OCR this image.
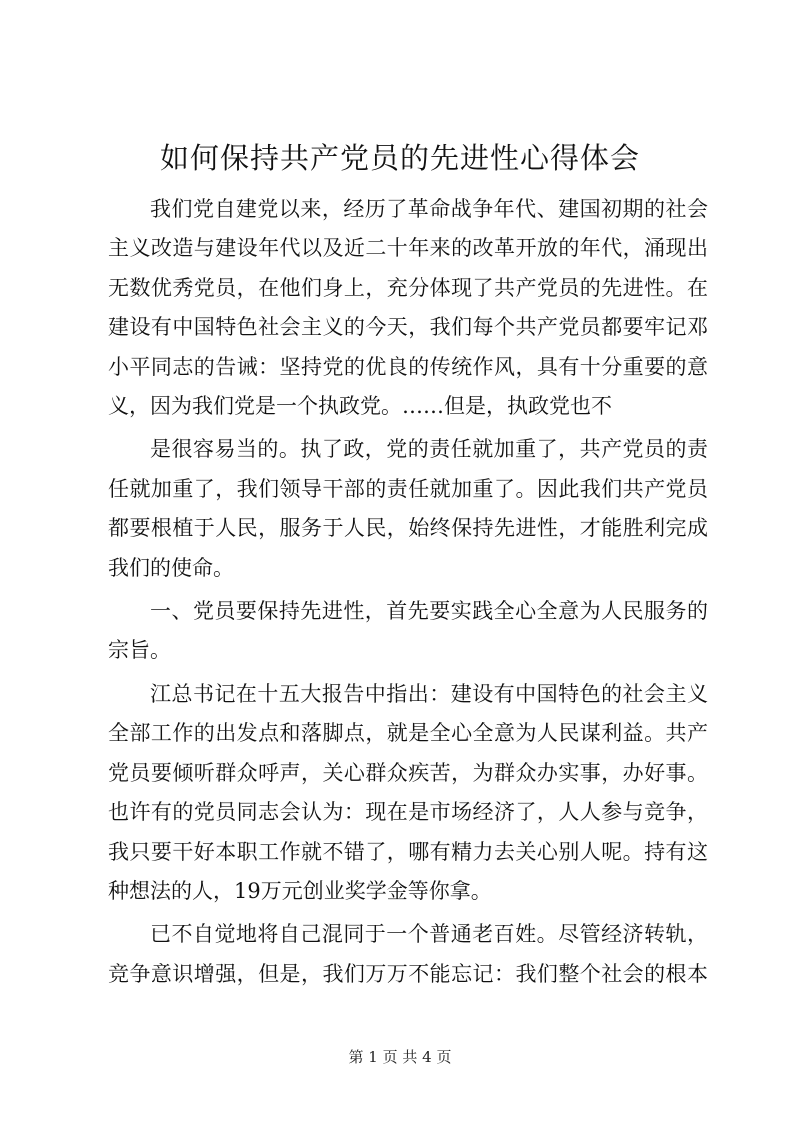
如何保持共产党员的先进性心得体会
我们党自建党以来，经历了革命战争年代、建国初期的社会
主义改造与建设年代以及近二十年来的改革开放的年代，涌现出
无数优秀党员，在他们身上，充分体现了共产党员的先进性。在
建设有中国特色社会主义的今天，我们每个共产党员都要牢记邓
小平同志的告诫：坚持党的优良的传统作风，具有十分重要的意
义，因为我们党是一个执政党。……但是，执政党也不
是很容易当的。执了政，党的责任就加重了，共产党员的责
任就加重了，我们领导干部的责任就加重了。因此我们共产党员
都要根植于人民，服务于人民，始终保持先进性，才能胜利完成
我们的使命。
一、党员要保持先进性，首先要实践全心全意为人民服务的
宗旨。
江总书记在十五大报告中指出：建设有中国特色的社会主义
全部工作的出发点和落脚点，就是全心全意为人民谋利益。共产
党员要倾听群众呼声，关心群众疾苦，为群众办实事，办好事。
也许有的党员同志会认为：现在是市场经济了，人人参与竞争，
我只要干好本职工作就不错了，哪有精力去关心别人呢。持有这
种想法的人，19万元创业奖学金等你拿。
已不自觉地将自己混同于一个普通老百姓。尽管经济转轨，
竞争意识增强，但是，我们万万不能忘记：我们整个社会的根本
第 1 页 共 4 页
